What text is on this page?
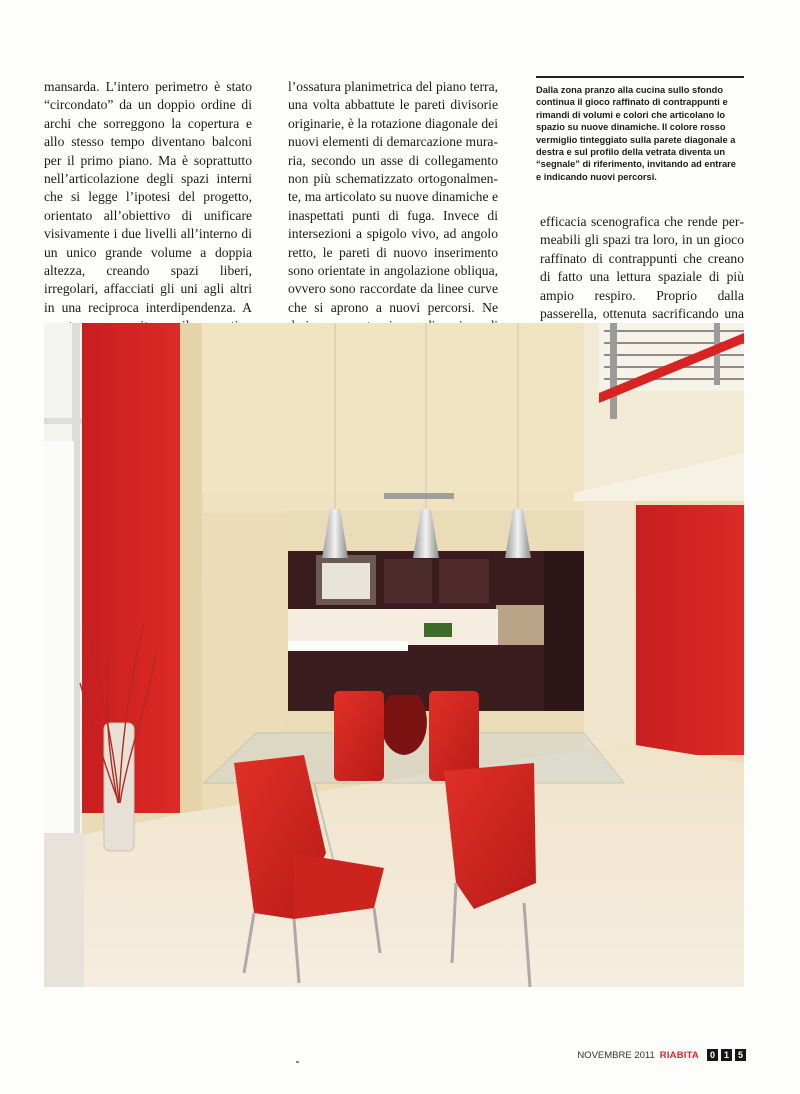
mansarda. L’intero perimetro è stato “circondato” da un doppio ordine di archi che sorreggono la copertura e allo stesso tempo diventano balconi per il primo piano. Ma è soprattutto nell’articolazione degli spazi interni che si legge l’ipotesi del progetto, orientato all’obiettivo di unificare visivamente i due livelli all’interno di un unico grande volume a doppia altezza, creando spazi liberi, irregolari, affacciati gli uni agli altri in una reciproca interdipendenza. A

l’ossatura planimetrica del piano terra, una volta abbattute le pareti divisorie originarie, è la rotazione diagonale dei nuovi elementi di demarcazione muraria, secondo un asse di collegamento non più schematizzato ortogonalmente, ma articolato su nuove dinamiche e inaspettati punti di fuga. Invece di intersezioni a spigolo vivo, ad angolo retto, le pareti di nuovo inserimento sono orientate in angolazione obliqua, ovvero sono raccordate da linee curve che si aprono a nuovi percorsi. Ne

Dalla zona pranzo alla cucina sullo sfondo continua il gioco raffinato di contrappunti e rimandi di volumi e colori che articolano lo spazio su nuove dinamiche. Il colore rosso vermiglio tinteggiato sulla parete diagonale a destra e sul profilo della vetrata diventa un “segnale” di riferimento, invitando ad entrare e indicando nuovi percorsi.

efficacia scenografica che rende permeabili gli spazi tra loro, in un gioco raffinato di contrappunti che creano di fatto una lettura spaziale di più ampio respiro. Proprio dalla passerella, ottenuta sacrificando una

NOVEMBRE 2011 RIABITA	0 1 5
